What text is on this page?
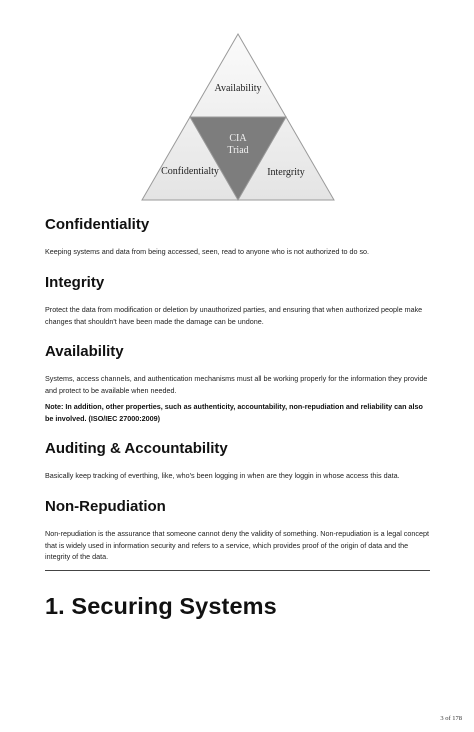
Availability
Confidentialty	Intergrity
CIA
Triad
Confidentiality

Keeping systems and data from being accessed, seen, read to anyone who is not authorized to do so.

Integrity

Protect the data from modification or deletion by unauthorized parties, and ensuring that when authorized people make changes that shouldn't have been made the damage can be undone.

Availability

Systems, access channels, and authentication mechanisms must all be working properly for the information they provide and protect to be available when needed.

Note: In addition, other properties, such as authenticity, accountability, non-repudiation and reliability can also be involved. (ISO/IEC 27000:2009)

Auditing & Accountability

Basically keep tracking of everthing, like, who's been logging in when are they loggin in whose access this data.

Non-Repudiation

Non-repudiation is the assurance that someone cannot deny the validity of something. Non-repudiation is a legal concept that is widely used in information security and refers to a service, which provides proof of the origin of data and the integrity of the data.

1. Securing Systems
3 of 178
